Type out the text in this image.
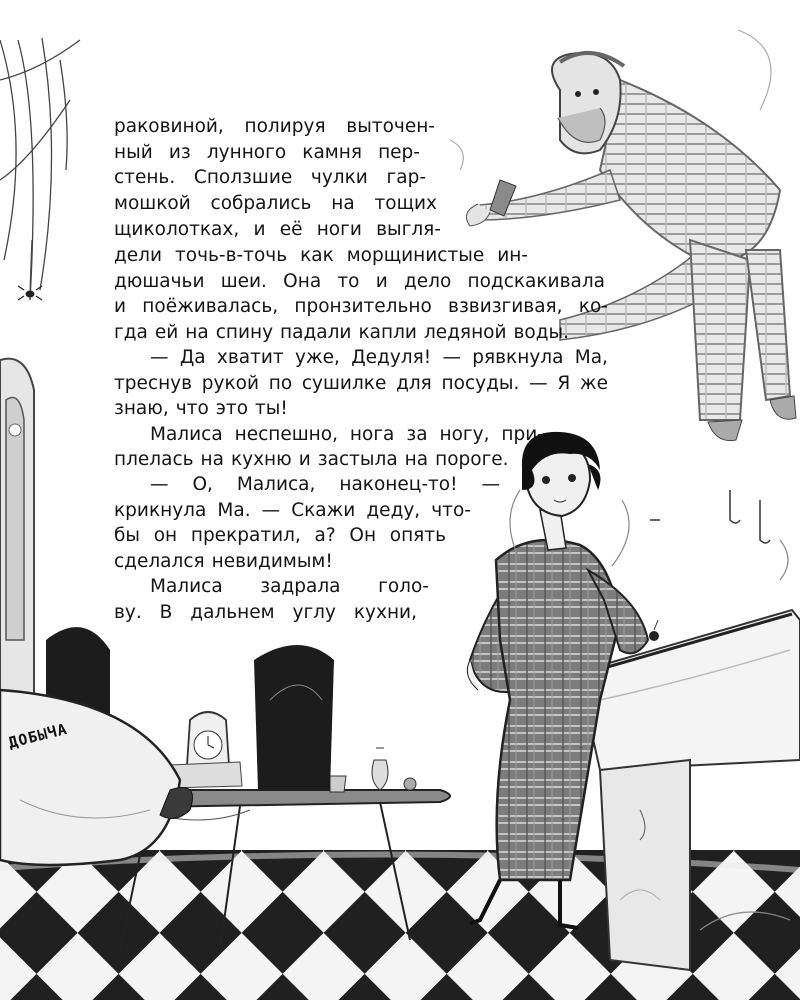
ДОБЫЧА
раковиной, полируя выточен-
ный из лунного камня пер-
стень. Сползшие чулки гар-
мошкой собрались на тощих
щиколотках, и её ноги выгля-
дели точь-в-точь как морщинистые ин-
дюшачьи шеи. Она то и дело подскакивала
и поёживалась, пронзительно взвизгивая, ко-
гда ей на спину падали капли ледяной воды.
— Да хватит уже, Дедуля! — рявкнула Ма,
треснув рукой по сушилке для посуды. — Я же
знаю, что это ты!
Малиса неспешно, нога за ногу, при-
плелась на кухню и застыла на пороге.
— О, Малиса, наконец-то! —
крикнула Ма. — Скажи деду, что-
бы он прекратил, а? Он опять
сделался невидимым!
Малиса задрала голо-
ву. В дальнем углу кухни,
